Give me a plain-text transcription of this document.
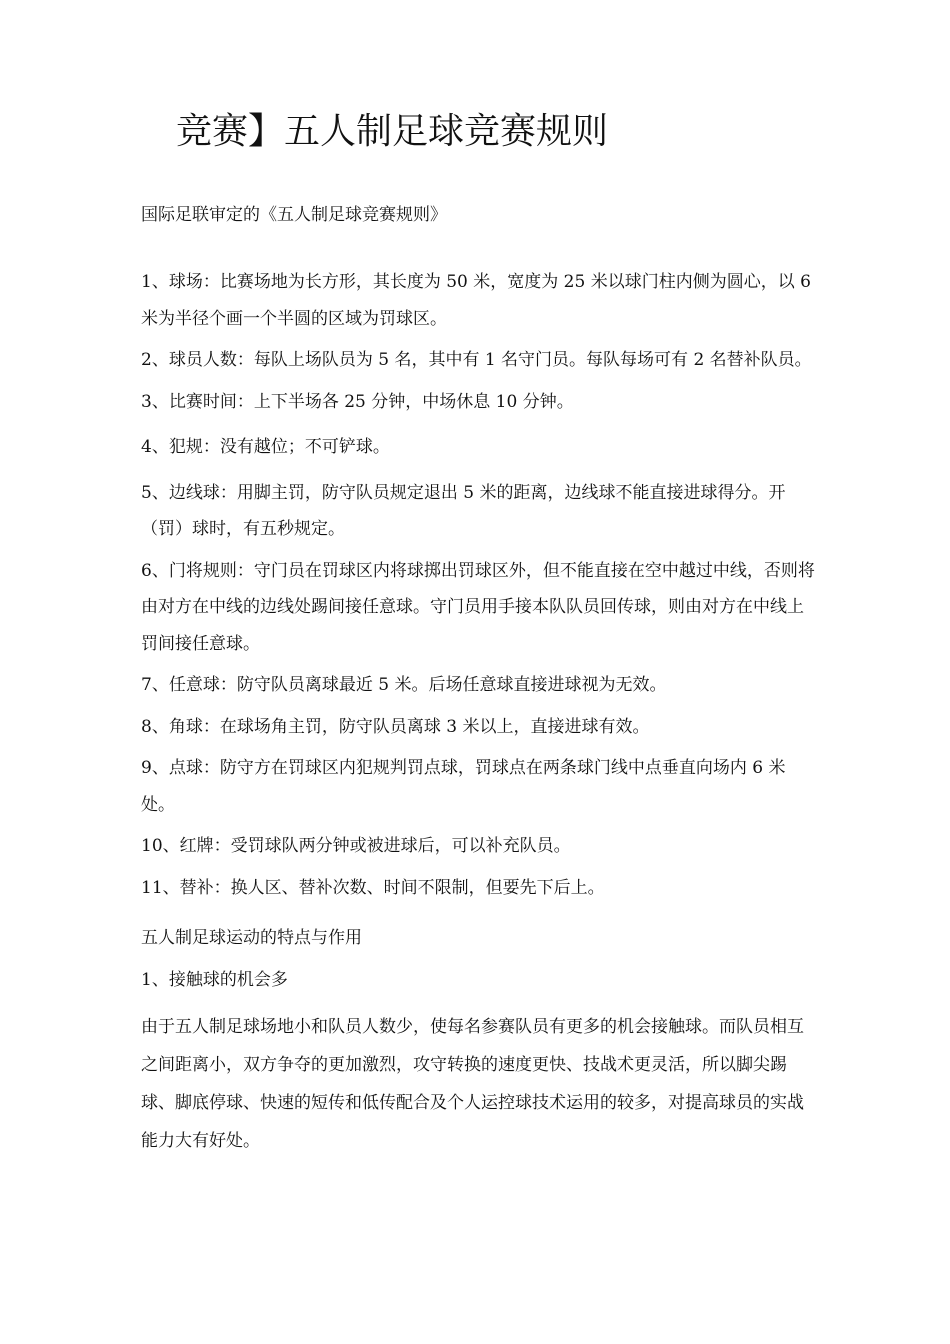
竞赛】五人制足球竞赛规则

国际足联审定的《五人制足球竞赛规则》

1、球场：比赛场地为长方形，其长度为 50 米，宽度为 25 米以球门柱内侧为圆心，以 6 米为半径个画一个半圆的区域为罚球区。

2、球员人数：每队上场队员为 5 名，其中有 1 名守门员。每队每场可有 2 名替补队员。

3、比赛时间：上下半场各 25 分钟，中场休息 10 分钟。

4、犯规：没有越位；不可铲球。

5、边线球：用脚主罚，防守队员规定退出 5 米的距离，边线球不能直接进球得分。开（罚）球时，有五秒规定。

6、门将规则：守门员在罚球区内将球掷出罚球区外，但不能直接在空中越过中线，否则将由对方在中线的边线处踢间接任意球。守门员用手接本队队员回传球，则由对方在中线上罚间接任意球。

7、任意球：防守队员离球最近 5 米。后场任意球直接进球视为无效。

8、角球：在球场角主罚，防守队员离球 3 米以上，直接进球有效。

9、点球：防守方在罚球区内犯规判罚点球，罚球点在两条球门线中点垂直向场内 6 米处。

10、红牌：受罚球队两分钟或被进球后，可以补充队员。

11、替补：换人区、替补次数、时间不限制，但要先下后上。

五人制足球运动的特点与作用

1、接触球的机会多

由于五人制足球场地小和队员人数少，使每名参赛队员有更多的机会接触球。而队员相互之间距离小，双方争夺的更加激烈，攻守转换的速度更快、技战术更灵活，所以脚尖踢球、脚底停球、快速的短传和低传配合及个人运控球技术运用的较多，对提高球员的实战能力大有好处。
